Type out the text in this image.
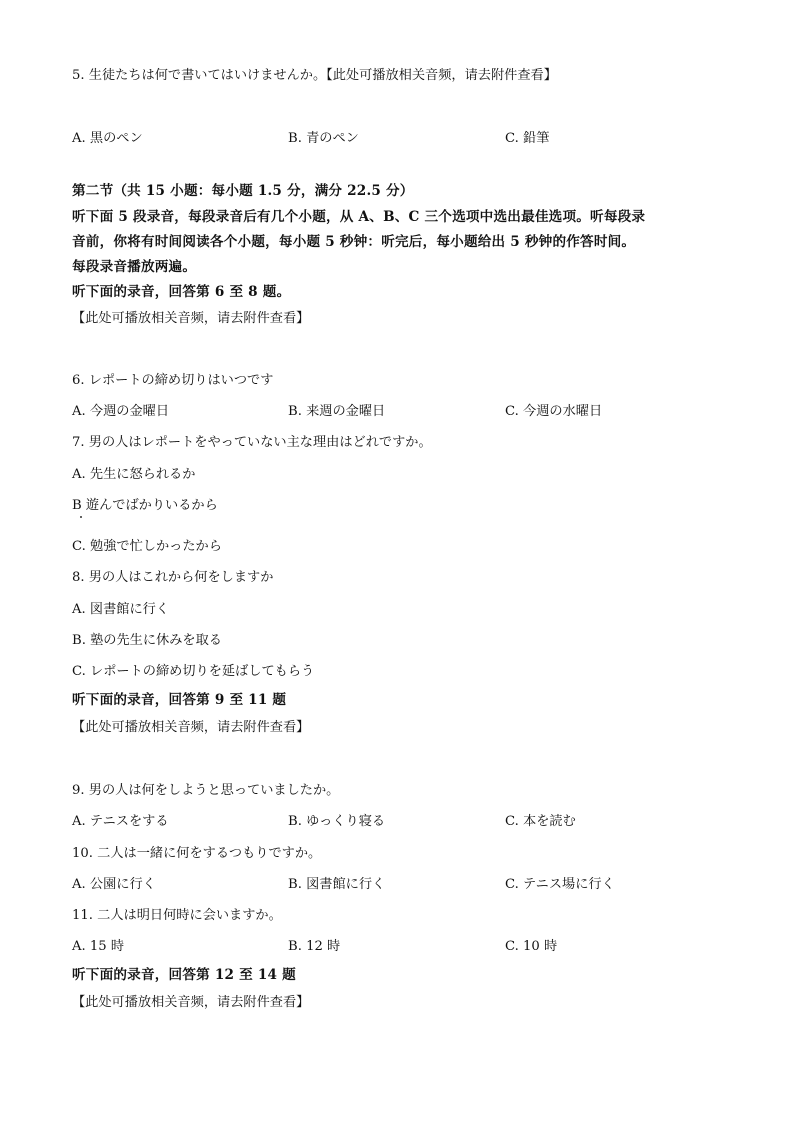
5. 生徒たちは何で書いてはいけませんか。【此处可播放相关音频，请去附件查看】
A. 黒のペン	B. 青のペン	C. 鉛筆
第二节（共 15 小题：每小题 1.5 分，满分 22.5 分）
听下面 5 段录音，每段录音后有几个小题，从 A、B、C 三个选项中选出最佳选项。听每段录
音前，你将有时间阅读各个小题，每小题 5 秒钟：听完后，每小题给出 5 秒钟的作答时间。
每段录音播放两遍。
听下面的录音，回答第 6 至 8 题。
【此处可播放相关音频，请去附件查看】
6. レポートの締め切りはいつです
A. 今週の金曜日	B. 来週の金曜日	C. 今週の水曜日
7. 男の人はレポートをやっていない主な理由はどれですか。
A. 先生に怒られるか
B 遊んでばかりいるから
C. 勉強で忙しかったから
8. 男の人はこれから何をしますか
A. 図書館に行く
B. 塾の先生に休みを取る
C. レポートの締め切りを延ばしてもらう
听下面的录音，回答第 9 至 11 题
【此处可播放相关音频，请去附件查看】
9. 男の人は何をしようと思っていましたか。
A. テニスをする	B. ゆっくり寝る	C. 本を読む
10. 二人は一緒に何をするつもりですか。
A. 公園に行く	B. 図書館に行く	C. テニス場に行く
11. 二人は明日何時に会いますか。
A. 15 時	B. 12 時	C. 10 時
听下面的录音，回答第 12 至 14 题
【此处可播放相关音频，请去附件查看】
